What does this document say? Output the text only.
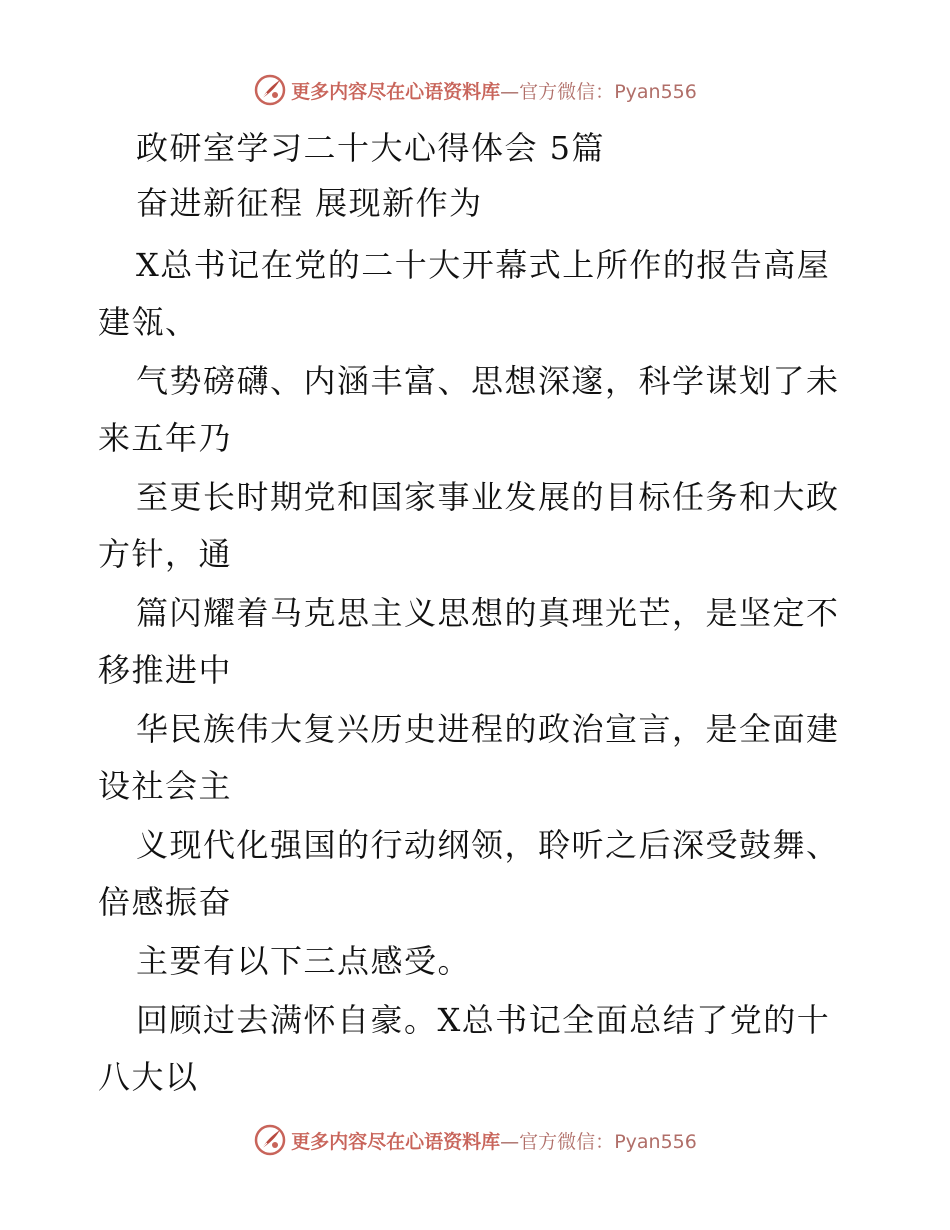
更多内容尽在心语资料库—官方微信：Pyan556
政研室学习二十大心得体会 5篇
奋进新征程 展现新作为
X总书记在党的二十大开幕式上所作的报告高屋
建瓴、
气势磅礴、内涵丰富、思想深邃，科学谋划了未
来五年乃
至更长时期党和国家事业发展的目标任务和大政
方针，通
篇闪耀着马克思主义思想的真理光芒，是坚定不
移推进中
华民族伟大复兴历史进程的政治宣言，是全面建
设社会主
义现代化强国的行动纲领，聆听之后深受鼓舞、
倍感振奋
主要有以下三点感受。
回顾过去满怀自豪。X总书记全面总结了党的十
八大以
更多内容尽在心语资料库—官方微信：Pyan556
